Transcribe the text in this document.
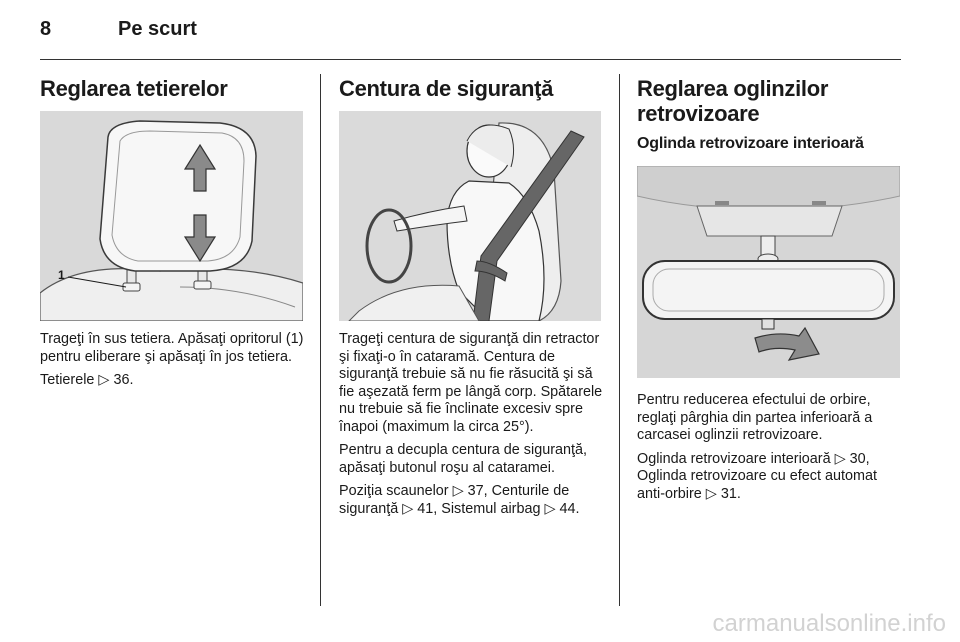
8	Pe scurt
Reglarea tetierelor
1

Trageţi în sus tetiera. Apăsaţi opritorul (1) pentru eliberare şi apăsaţi în jos tetiera.

Tetierele ▷ 36.

Centura de siguranţă

Trageţi centura de siguranţă din retractor şi fixaţi-o în cataramă. Centura de siguranţă trebuie să nu fie răsucită şi să fie aşezată ferm pe lângă corp. Spătarele nu trebuie să fie înclinate excesiv spre înapoi (maximum la circa 25°).

Pentru a decupla centura de siguranţă, apăsaţi butonul roşu al cataramei.

Poziţia scaunelor ▷ 37, Centurile de siguranţă ▷ 41, Sistemul airbag ▷ 44.

Reglarea oglinzilor retrovizoare
Oglinda retrovizoare interioară

Pentru reducerea efectului de orbire, reglaţi pârghia din partea inferioară a carcasei oglinzii retrovizoare.

Oglinda retrovizoare interioară ▷ 30, Oglinda retrovizoare cu efect automat anti-orbire ▷ 31.

carmanualsonline.info
